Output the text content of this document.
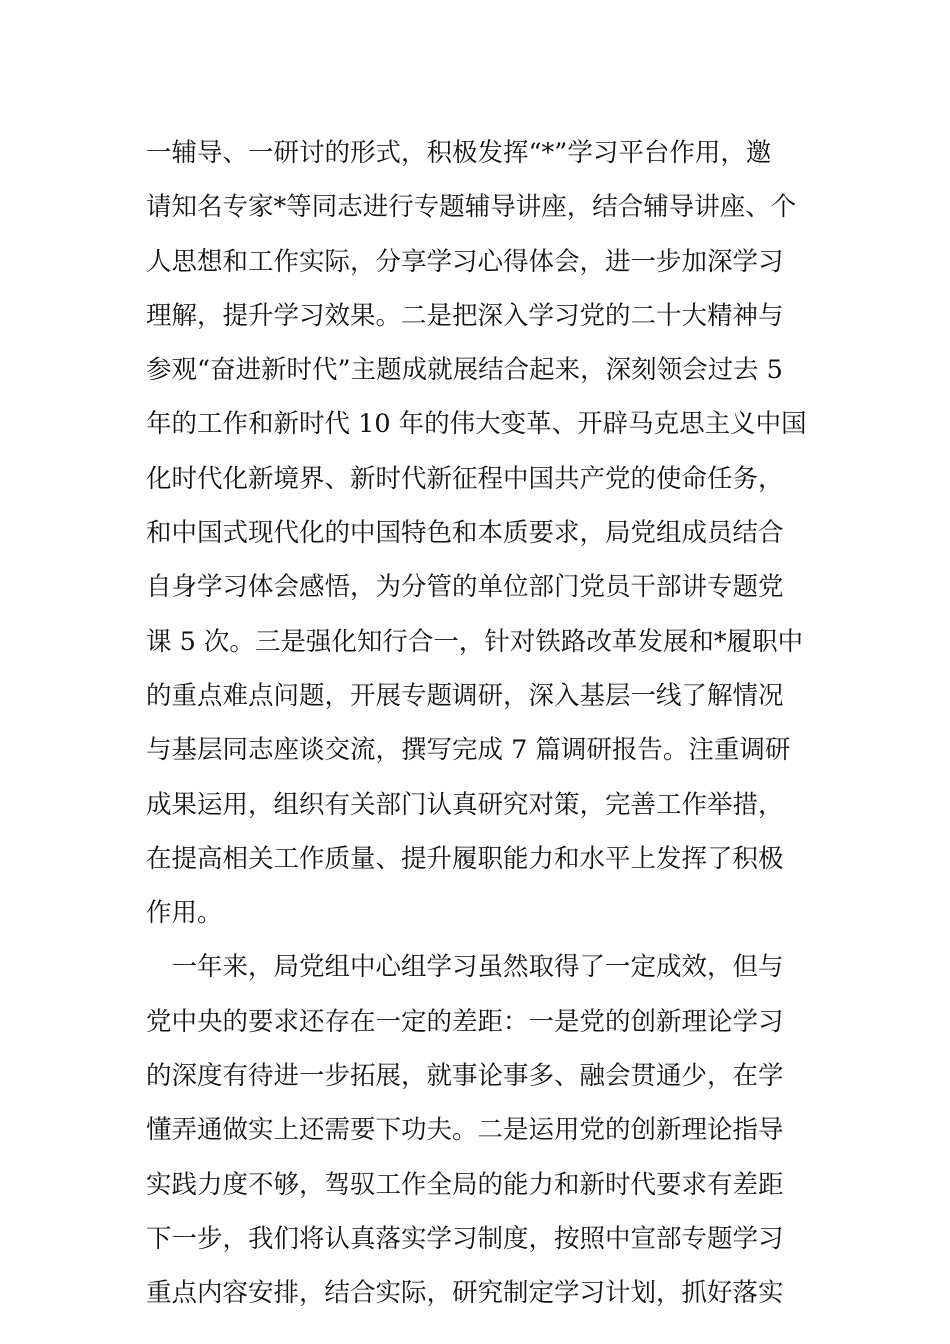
一辅导、一研讨的形式，积极发挥“*”学习平台作用，邀
请知名专家*等同志进行专题辅导讲座，结合辅导讲座、个
人思想和工作实际，分享学习心得体会，进一步加深学习
理解，提升学习效果。二是把深入学习党的二十大精神与
参观“奋进新时代”主题成就展结合起来，深刻领会过去 5
年的工作和新时代 10 年的伟大变革、开辟马克思主义中国
化时代化新境界、新时代新征程中国共产党的使命任务，
和中国式现代化的中国特色和本质要求，局党组成员结合
自身学习体会感悟，为分管的单位部门党员干部讲专题党
课 5 次。三是强化知行合一，针对铁路改革发展和*履职中
的重点难点问题，开展专题调研，深入基层一线了解情况
与基层同志座谈交流，撰写完成 7 篇调研报告。注重调研
成果运用，组织有关部门认真研究对策，完善工作举措，
在提高相关工作质量、提升履职能力和水平上发挥了积极
作用。
　一年来，局党组中心组学习虽然取得了一定成效，但与
党中央的要求还存在一定的差距：一是党的创新理论学习
的深度有待进一步拓展，就事论事多、融会贯通少，在学
懂弄通做实上还需要下功夫。二是运用党的创新理论指导
实践力度不够，驾驭工作全局的能力和新时代要求有差距
下一步，我们将认真落实学习制度，按照中宣部专题学习
重点内容安排，结合实际，研究制定学习计划，抓好落实
